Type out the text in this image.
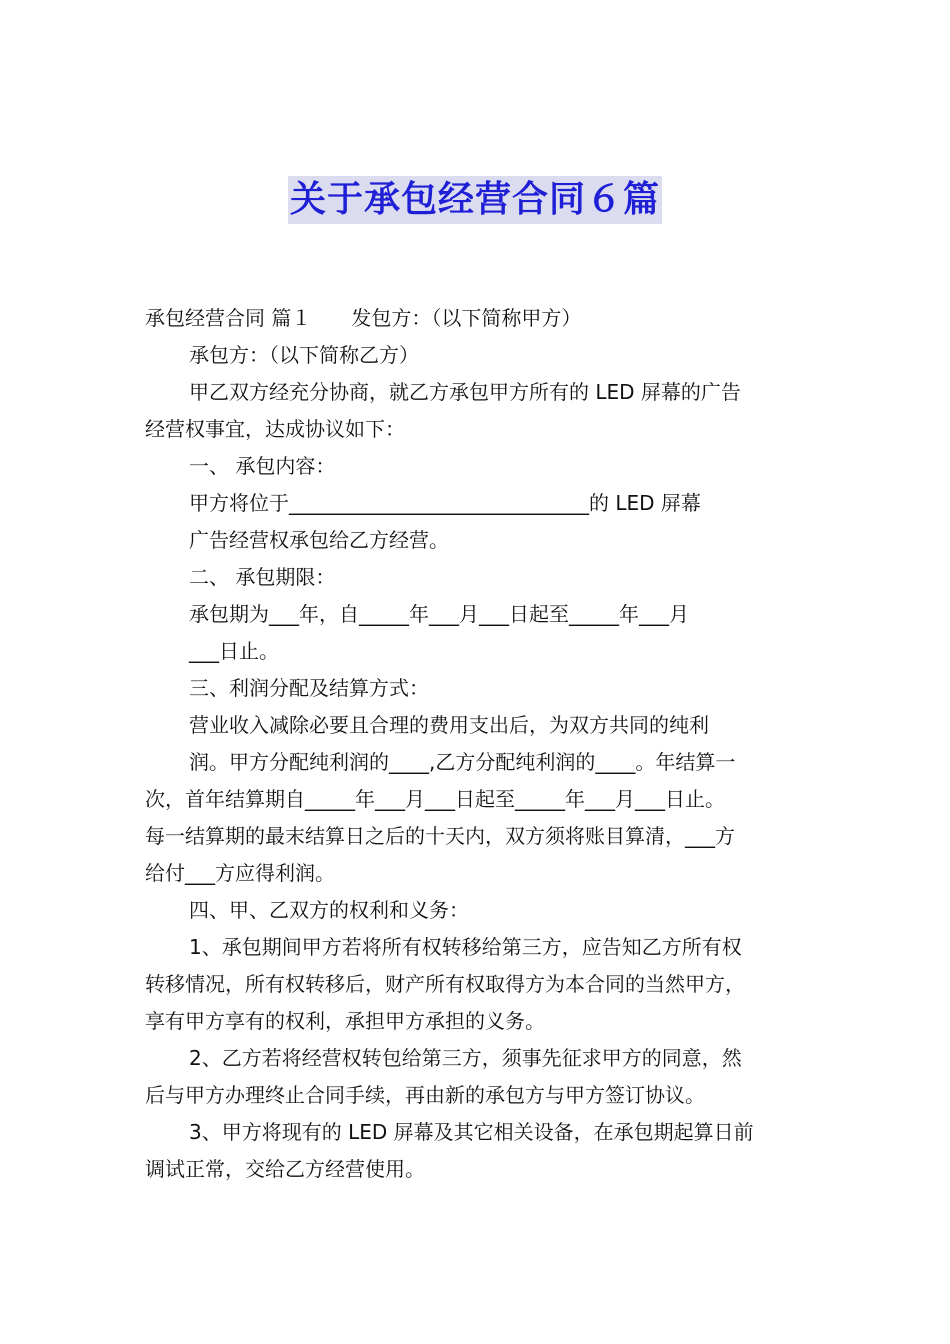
关于承包经营合同６篇

承包经营合同 篇１　　发包方：（以下简称甲方）

承包方：（以下简称乙方）

甲乙双方经充分协商，就乙方承包甲方所有的 LED 屏幕的广告

经营权事宜，达成协议如下：

一、 承包内容：

甲方将位于______________________________的 LED 屏幕

广告经营权承包给乙方经营。

二、 承包期限：

承包期为___年，自_____年___月___日起至_____年___月

___日止。

三、利润分配及结算方式：

营业收入减除必要且合理的费用支出后，为双方共同的纯利

润。甲方分配纯利润的____,乙方分配纯利润的____。年结算一

次，首年结算期自_____年___月___日起至_____年___月___日止。

每一结算期的最末结算日之后的十天内，双方须将账目算清，___方

给付___方应得利润。

四、甲、乙双方的权利和义务：

1、承包期间甲方若将所有权转移给第三方，应告知乙方所有权

转移情况，所有权转移后，财产所有权取得方为本合同的当然甲方，

享有甲方享有的权利，承担甲方承担的义务。

2、乙方若将经营权转包给第三方，须事先征求甲方的同意，然

后与甲方办理终止合同手续，再由新的承包方与甲方签订协议。

3、甲方将现有的 LED 屏幕及其它相关设备，在承包期起算日前

调试正常，交给乙方经营使用。
